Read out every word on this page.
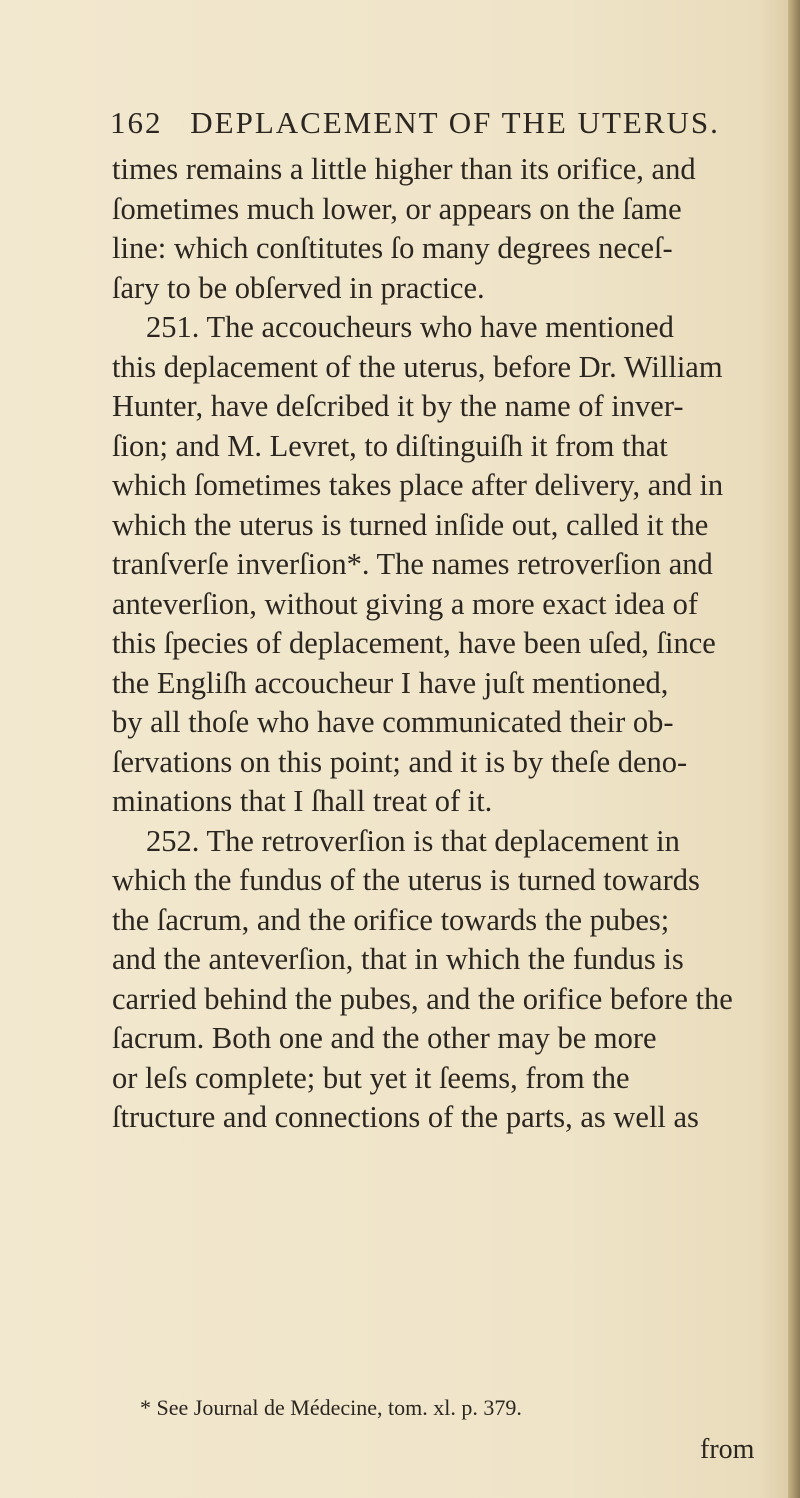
162 DEPLACEMENT OF THE UTERUS.
times remains a little higher than its orifice, and
ſometimes much lower, or appears on the ſame
line: which conſtitutes ſo many degrees neceſ-
ſary to be obſerved in practice.
251. The accoucheurs who have mentioned
this deplacement of the uterus, before Dr. William
Hunter, have deſcribed it by the name of inver-
ſion; and M. Levret, to diſtinguiſh it from that
which ſometimes takes place after delivery, and in
which the uterus is turned inſide out, called it the
tranſverſe inverſion*. The names retroverſion and
anteverſion, without giving a more exact idea of
this ſpecies of deplacement, have been uſed, ſince
the Engliſh accoucheur I have juſt mentioned,
by all thoſe who have communicated their ob-
ſervations on this point; and it is by theſe deno-
minations that I ſhall treat of it.
252. The retroverſion is that deplacement in
which the fundus of the uterus is turned towards
the ſacrum, and the orifice towards the pubes;
and the anteverſion, that in which the fundus is
carried behind the pubes, and the orifice before the
ſacrum. Both one and the other may be more
or leſs complete; but yet it ſeems, from the
ſtructure and connections of the parts, as well as
* See Journal de Médecine, tom. xl. p. 379.
from
